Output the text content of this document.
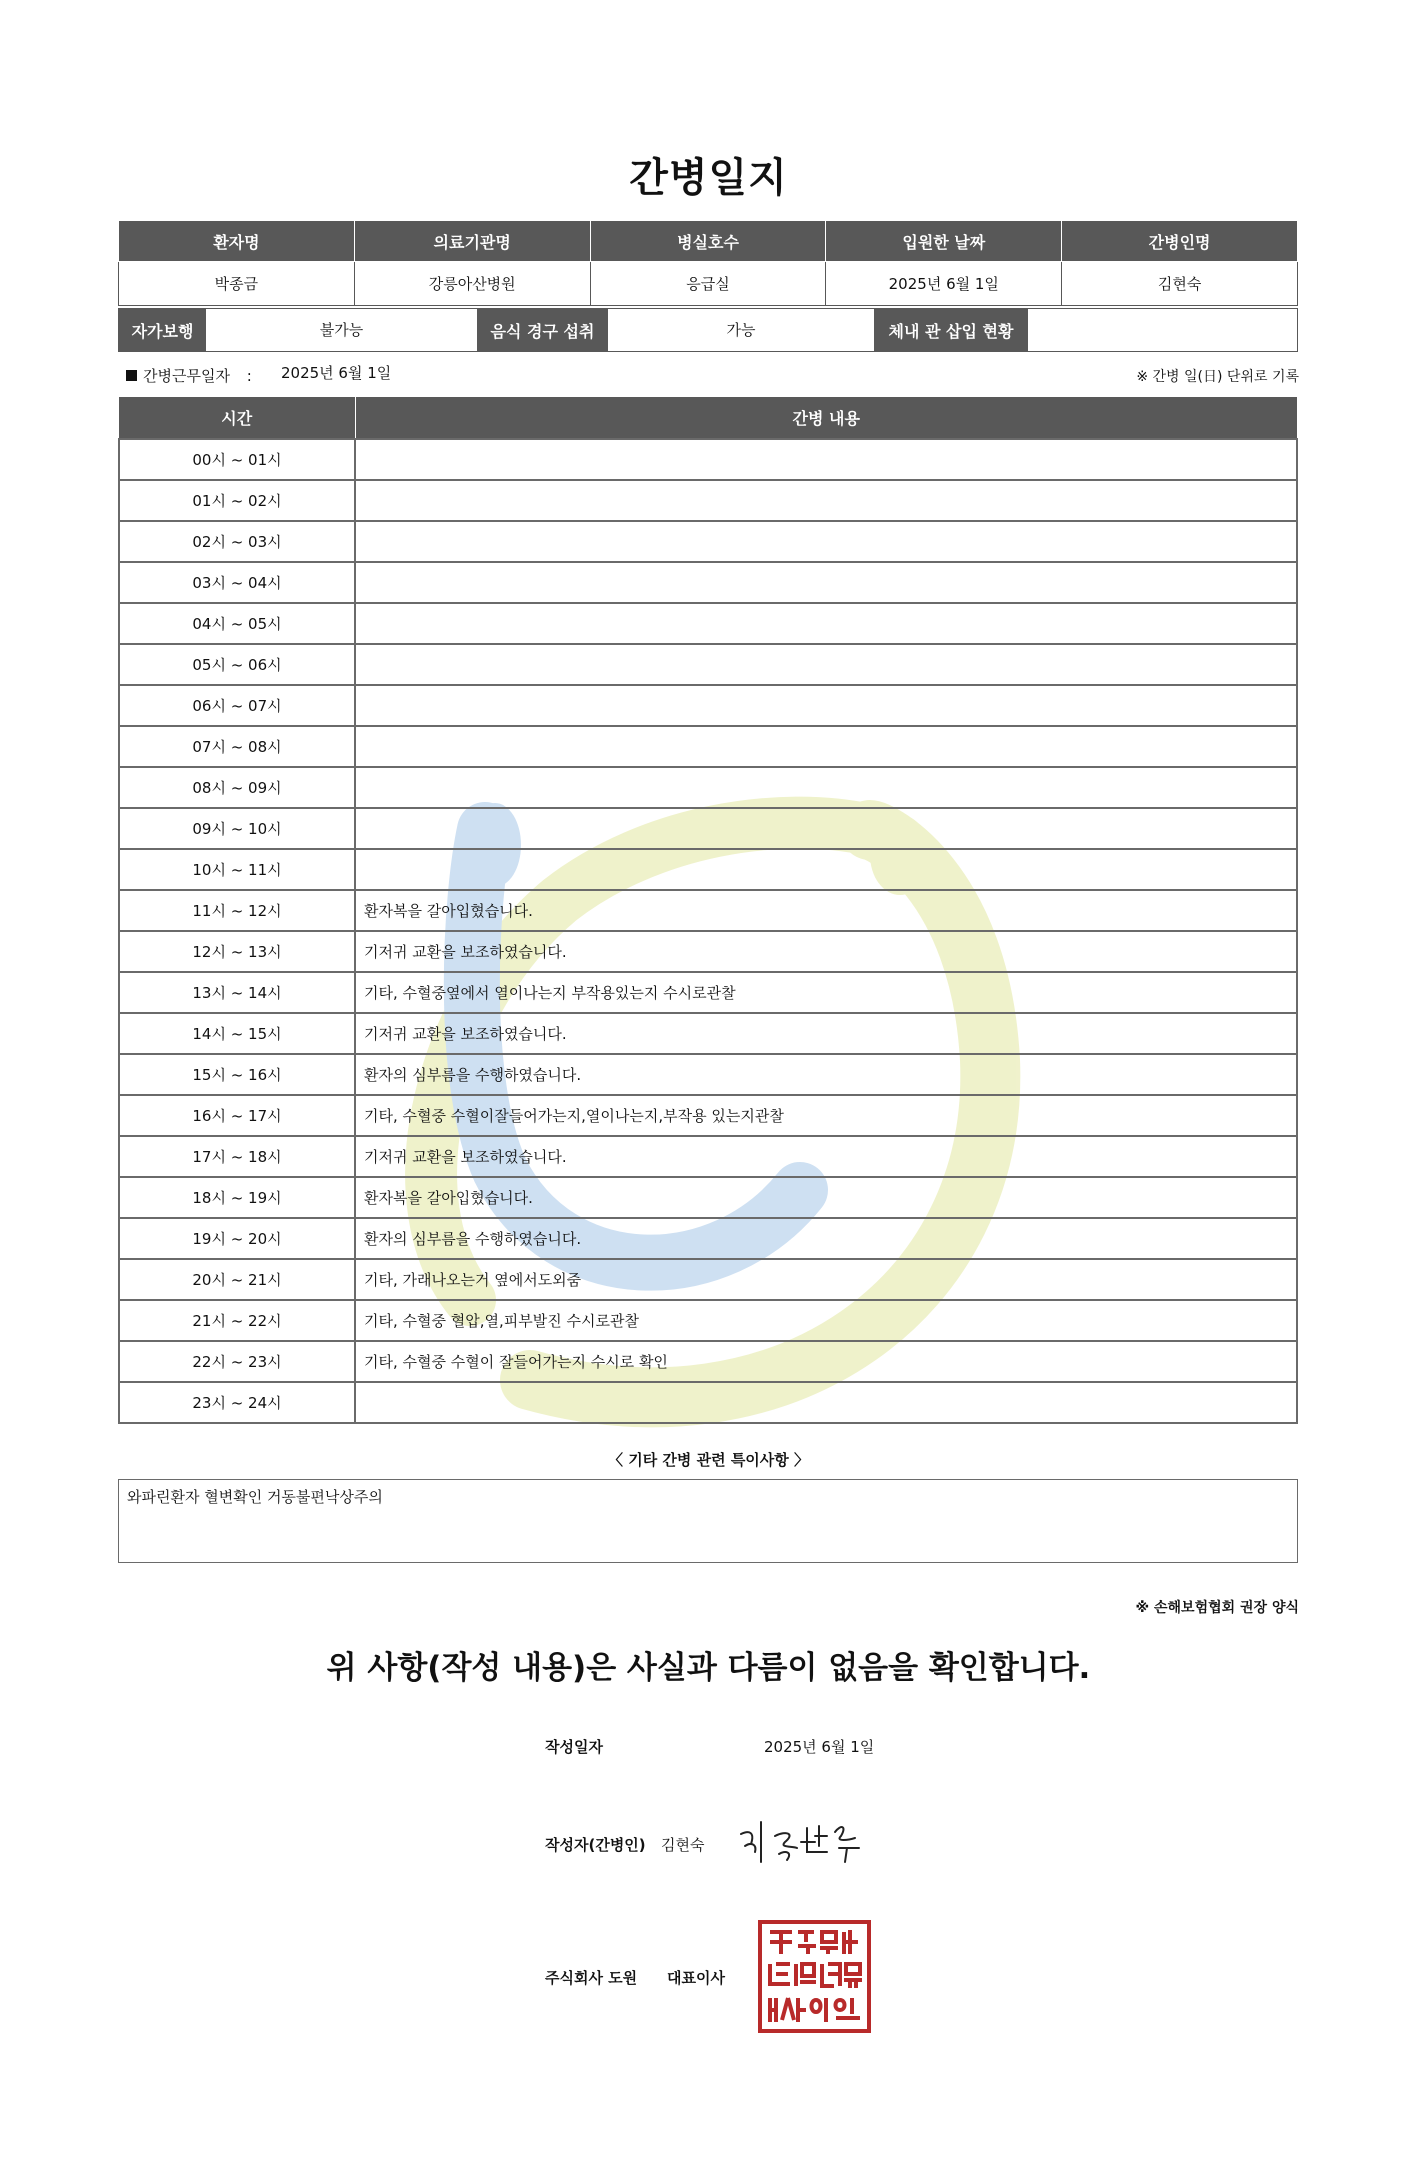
간병일지
환자명	의료기관명	병실호수	입원한 날짜	간병인명
박종금	강릉아산병원	응급실	2025년 6월 1일	김현숙
자가보행	불가능	음식 경구 섭취	가능	체내 관 삽입 현황
간병근무일자 : 2025년 6월 1일	※ 간병 일(日) 단위로 기록
시간	간병 내용
00시 ~ 01시	
01시 ~ 02시	
02시 ~ 03시	
03시 ~ 04시	
04시 ~ 05시	
05시 ~ 06시	
06시 ~ 07시	
07시 ~ 08시	
08시 ~ 09시	
09시 ~ 10시	
10시 ~ 11시	
11시 ~ 12시	환자복을 갈아입혔습니다.
12시 ~ 13시	기저귀 교환을 보조하였습니다.
13시 ~ 14시	기타, 수혈중옆에서 열이나는지 부작용있는지 수시로관찰
14시 ~ 15시	기저귀 교환을 보조하였습니다.
15시 ~ 16시	환자의 심부름을 수행하였습니다.
16시 ~ 17시	기타, 수혈중 수혈이잘들어가는지,열이나는지,부작용 있는지관찰
17시 ~ 18시	기저귀 교환을 보조하였습니다.
18시 ~ 19시	환자복을 갈아입혔습니다.
19시 ~ 20시	환자의 심부름을 수행하였습니다.
20시 ~ 21시	기타, 가래나오는거 옆에서도외줌
21시 ~ 22시	기타, 수혈중 혈압,열,피부발진 수시로관찰
22시 ~ 23시	기타, 수혈중 수혈이 잘들어가는지 수시로 확인
23시 ~ 24시	
〈 기타 간병 관련 특이사항 〉
와파린환자 혈변확인 거동불편낙상주의
※ 손해보험협회 권장 양식
위 사항(작성 내용)은 사실과 다름이 없음을 확인합니다.
작성일자	2025년 6월 1일
작성자(간병인) 김현숙
주식회사 도원 대표이사
